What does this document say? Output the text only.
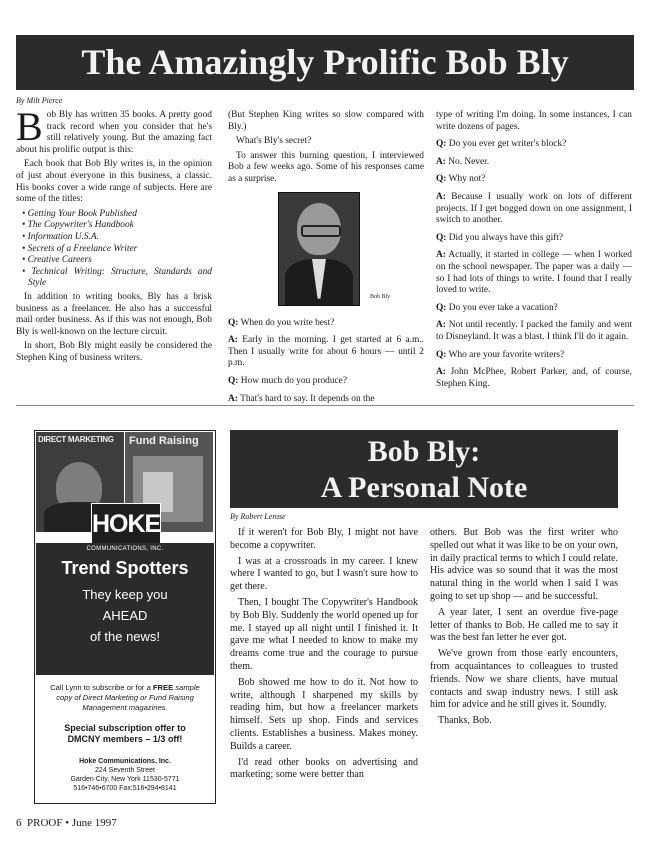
The Amazingly Prolific Bob Bly
By Milt Pierce

B ob Bly has written 35 books. A pretty good track record when you consider that he's still relatively young. But the amazing fact about his prolific output is this:

Each book that Bob Bly writes is, in the opinion of just about everyone in this business, a classic. His books cover a wide range of subjects. Here are some of the titles:

• Getting Your Book Published
• The Copywriter's Handbook
• Information U.S.A.
• Secrets of a Freelance Writer
• Creative Careers
• Technical Writing: Structure, Standards and Style

In addition to writing books, Bly has a brisk business as a freelancer. He also has a successful mail order business. As if this was not enough, Bob Bly is well-known on the lecture circuit.

In short, Bob Bly might easily be considered the Stephen King of business writers.

(But Stephen King writes so slow compared with Bly.)

What's Bly's secret?

To answer this burning question, I interviewed Bob a few weeks ago. Some of his responses came as a surprise.

Bob Bly

Q: When do you write best?

A: Early in the morning. I get started at 6 a.m.. Then I usually write for about 6 hours — until 2 p.m.

Q: How much do you produce?

A: That's hard to say. It depends on the

type of writing I'm doing. In some instances, I can write dozens of pages.

Q: Do you ever get writer's block?

A: No. Never.

Q: Why not?

A: Because I usually work on lots of different projects. If I get bogged down on one assignment, I switch to another.

Q: Did you always have this gift?

A: Actually, it started in college — when I worked on the school newspaper. The paper was a daily — so I had lots of things to write. I found that I really loved to write.

Q: Do you ever take a vacation?

A: Not until recently. I packed the family and went to Disneyland. It was a blast. I think I'll do it again.

Q: Who are your favorite writers?

A: John McPhee, Robert Parker, and, of course, Stephen King.

DIRECT MARKETING	Fund Raising
HOKE
COMMUNICATIONS, INC.
Trend Spotters
They keep you
AHEAD
of the news!
Call Lynn to subscribe or for a FREE sample copy of Direct Marketing or Fund Raising Management magazines.
Special subscription offer to
DMCNY members – 1/3 off!
Hoke Communications, Inc.
224 Seventh Street
Garden City, New York 11530-5771
516•746•6700 Fax:516•294•8141
Bob Bly:
A Personal Note
By Robert Lerose

If it weren't for Bob Bly, I might not have become a copywriter.

I was at a crossroads in my career. I knew where I wanted to go, but I wasn't sure how to get there.

Then, I bought The Copywriter's Handbook by Bob Bly. Suddenly the world opened up for me. I stayed up all night until I finished it. It gave me what I needed to know to make my dreams come true and the courage to pursue them.

Bob showed me how to do it. Not how to write, although I sharpened my skills by reading him, but how a freelancer markets himself. Sets up shop. Finds and services clients. Establishes a business. Makes money. Builds a career.

I'd read other books on advertising and marketing; some were better than

others. But Bob was the first writer who spelled out what it was like to be on your own, in daily practical terms to which I could relate. His advice was so sound that it was the most natural thing in the world when I said I was going to set up shop — and be successful.

A year later, I sent an overdue five-page letter of thanks to Bob. He called me to say it was the best fan letter he ever got.

We've grown from those early encounters, from acquaintances to colleagues to trusted friends. Now we share clients, have mutual contacts and swap industry news. I still ask him for advice and he still gives it. Soundly.

Thanks, Bob.

6 PROOF • June 1997
